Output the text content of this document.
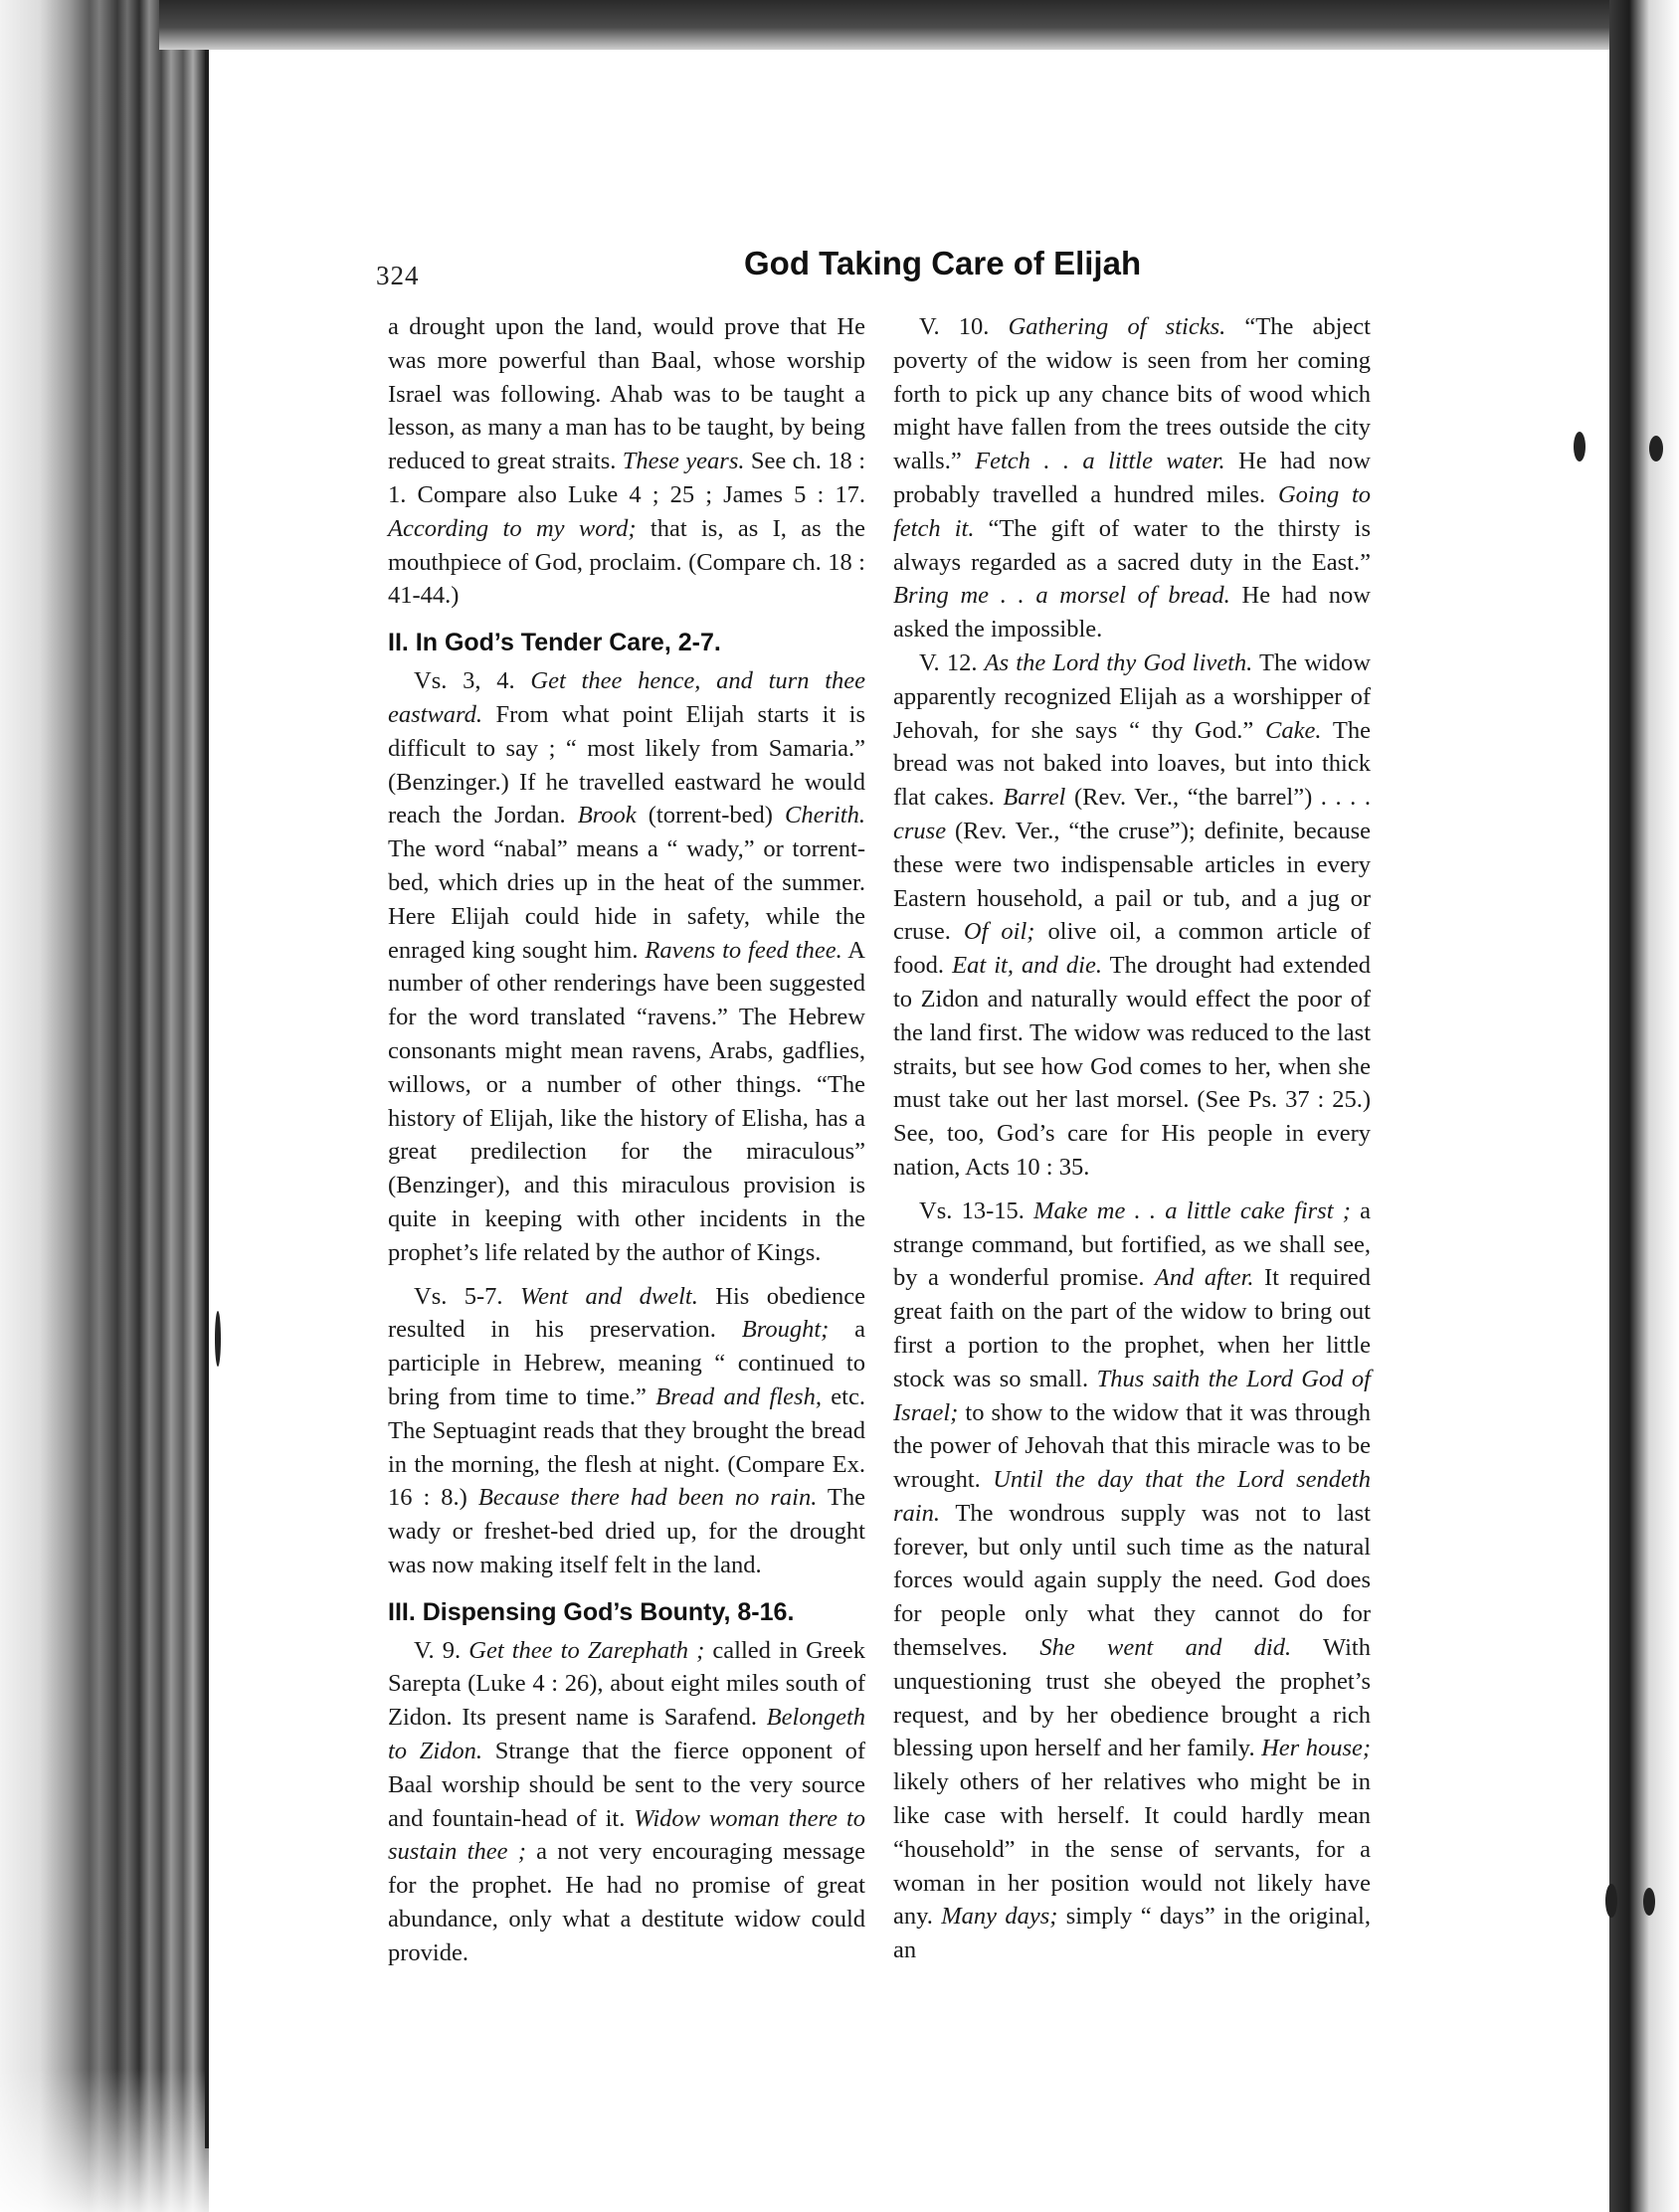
324	God Taking Care of Elijah

a drought upon the land, would prove that He was more powerful than Baal, whose worship Israel was following. Ahab was to be taught a lesson, as many a man has to be taught, by being reduced to great straits. These years. See ch. 18 : 1. Compare also Luke 4 ; 25 ; James 5 : 17. According to my word; that is, as I, as the mouthpiece of God, proclaim. (Compare ch. 18 : 41-44.)

II. In God’s Tender Care, 2-7.

Vs. 3, 4. Get thee hence, and turn thee eastward. From what point Elijah starts it is difficult to say ; “ most likely from Samaria.” (Benzinger.) If he travelled eastward he would reach the Jordan. Brook (torrent-bed) Cherith. The word “nabal” means a “ wady,” or torrent-bed, which dries up in the heat of the summer. Here Elijah could hide in safety, while the enraged king sought him. Ravens to feed thee. A number of other renderings have been suggested for the word translated “ravens.” The Hebrew consonants might mean ravens, Arabs, gadflies, willows, or a number of other things. “The history of Elijah, like the history of Elisha, has a great predilection for the miraculous” (Benzinger), and this miraculous provision is quite in keeping with other incidents in the prophet’s life related by the author of Kings.

Vs. 5-7. Went and dwelt. His obedience resulted in his preservation. Brought; a participle in Hebrew, meaning “ continued to bring from time to time.” Bread and flesh, etc. The Septuagint reads that they brought the bread in the morning, the flesh at night. (Compare Ex. 16 : 8.) Because there had been no rain. The wady or freshet-bed dried up, for the drought was now making itself felt in the land.

III. Dispensing God’s Bounty, 8-16.

V. 9. Get thee to Zarephath ; called in Greek Sarepta (Luke 4 : 26), about eight miles south of Zidon. Its present name is Sarafend. Belongeth to Zidon. Strange that the fierce opponent of Baal worship should be sent to the very source and fountain-head of it. Widow woman there to sustain thee ; a not very encouraging message for the prophet. He had no promise of great abundance, only what a destitute widow could provide.

V. 10. Gathering of sticks. “The abject poverty of the widow is seen from her coming forth to pick up any chance bits of wood which might have fallen from the trees outside the city walls.” Fetch . . a little water. He had now probably travelled a hundred miles. Going to fetch it. “The gift of water to the thirsty is always regarded as a sacred duty in the East.” Bring me . . a morsel of bread. He had now asked the impossible.

V. 12. As the Lord thy God liveth. The widow apparently recognized Elijah as a worshipper of Jehovah, for she says “ thy God.” Cake. The bread was not baked into loaves, but into thick flat cakes. Barrel (Rev. Ver., “the barrel”) . . . . cruse (Rev. Ver., “the cruse”); definite, because these were two indispensable articles in every Eastern household, a pail or tub, and a jug or cruse. Of oil; olive oil, a common article of food. Eat it, and die. The drought had extended to Zidon and naturally would effect the poor of the land first. The widow was reduced to the last straits, but see how God comes to her, when she must take out her last morsel. (See Ps. 37 : 25.) See, too, God’s care for His people in every nation, Acts 10 : 35.

Vs. 13-15. Make me . . a little cake first ; a strange command, but fortified, as we shall see, by a wonderful promise. And after. It required great faith on the part of the widow to bring out first a portion to the prophet, when her little stock was so small. Thus saith the Lord God of Israel; to show to the widow that it was through the power of Jehovah that this miracle was to be wrought. Until the day that the Lord sendeth rain. The wondrous supply was not to last forever, but only until such time as the natural forces would again supply the need. God does for people only what they cannot do for themselves. She went and did. With unquestioning trust she obeyed the prophet’s request, and by her obedience brought a rich blessing upon herself and her family. Her house; likely others of her relatives who might be in like case with herself. It could hardly mean “household” in the sense of servants, for a woman in her position would not likely have any. Many days; simply “ days” in the original, an
